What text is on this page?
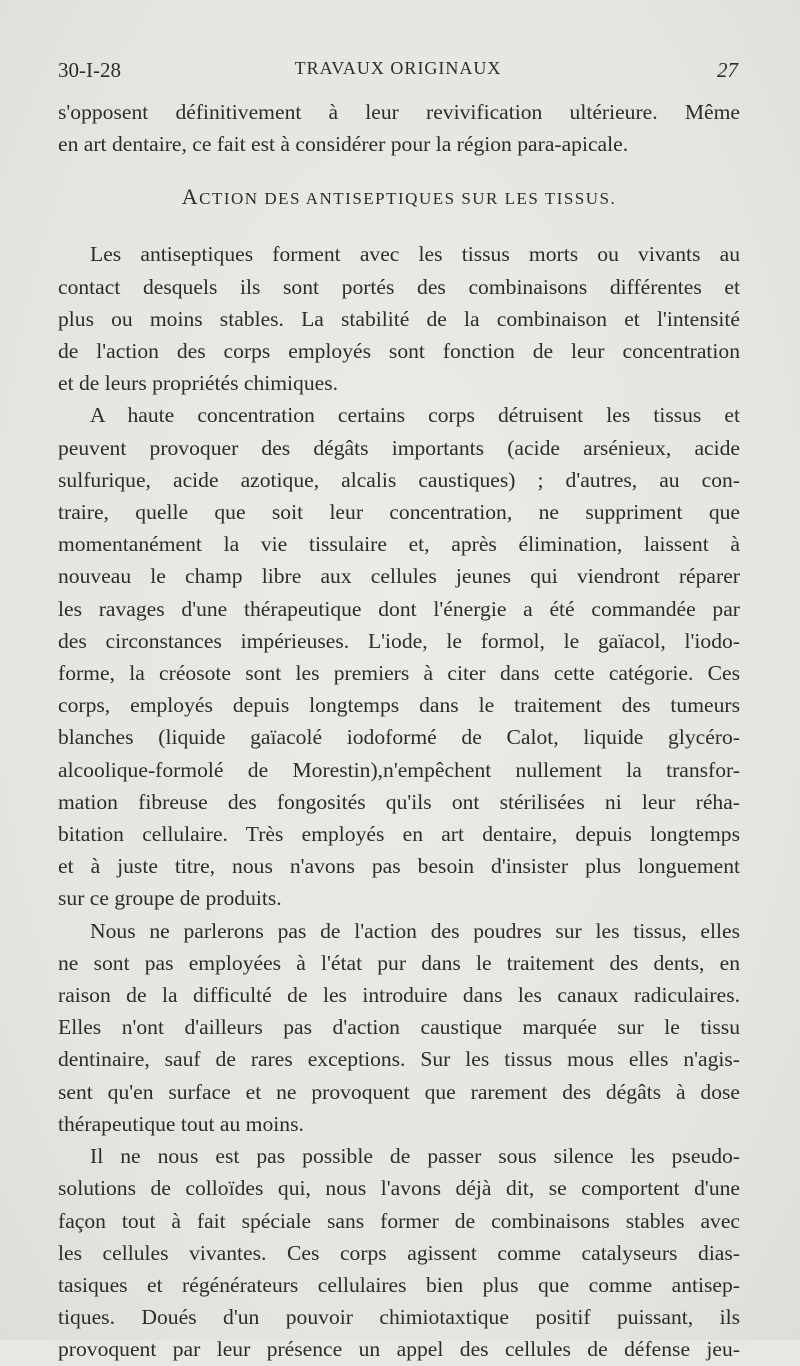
30-I-28	TRAVAUX ORIGINAUX	27

s'opposent définitivement à leur revivification ultérieure. Même

en art dentaire, ce fait est à considérer pour la région para-apicale.

ACTION DES ANTISEPTIQUES SUR LES TISSUS.

Les antiseptiques forment avec les tissus morts ou vivants au

contact desquels ils sont portés des combinaisons différentes et

plus ou moins stables. La stabilité de la combinaison et l'intensité

de l'action des corps employés sont fonction de leur concentration

et de leurs propriétés chimiques.

A haute concentration certains corps détruisent les tissus et

peuvent provoquer des dégâts importants (acide arsénieux, acide

sulfurique, acide azotique, alcalis caustiques) ; d'autres, au con-

traire, quelle que soit leur concentration, ne suppriment que

momentanément la vie tissulaire et, après élimination, laissent à

nouveau le champ libre aux cellules jeunes qui viendront réparer

les ravages d'une thérapeutique dont l'énergie a été commandée par

des circonstances impérieuses. L'iode, le formol, le gaïacol, l'iodo-

forme, la créosote sont les premiers à citer dans cette catégorie. Ces

corps, employés depuis longtemps dans le traitement des tumeurs

blanches (liquide gaïacolé iodoformé de Calot, liquide glycéro-

alcoolique-formolé de Morestin),n'empêchent nullement la transfor-

mation fibreuse des fongosités qu'ils ont stérilisées ni leur réha-

bitation cellulaire. Très employés en art dentaire, depuis longtemps

et à juste titre, nous n'avons pas besoin d'insister plus longuement

sur ce groupe de produits.

Nous ne parlerons pas de l'action des poudres sur les tissus, elles

ne sont pas employées à l'état pur dans le traitement des dents, en

raison de la difficulté de les introduire dans les canaux radiculaires.

Elles n'ont d'ailleurs pas d'action caustique marquée sur le tissu

dentinaire, sauf de rares exceptions. Sur les tissus mous elles n'agis-

sent qu'en surface et ne provoquent que rarement des dégâts à dose

thérapeutique tout au moins.

Il ne nous est pas possible de passer sous silence les pseudo-

solutions de colloïdes qui, nous l'avons déjà dit, se comportent d'une

façon tout à fait spéciale sans former de combinaisons stables avec

les cellules vivantes. Ces corps agissent comme catalyseurs dias-

tasiques et régénérateurs cellulaires bien plus que comme antisep-

tiques. Doués d'un pouvoir chimiotaxtique positif puissant, ils

provoquent par leur présence un appel des cellules de défense jeu-
